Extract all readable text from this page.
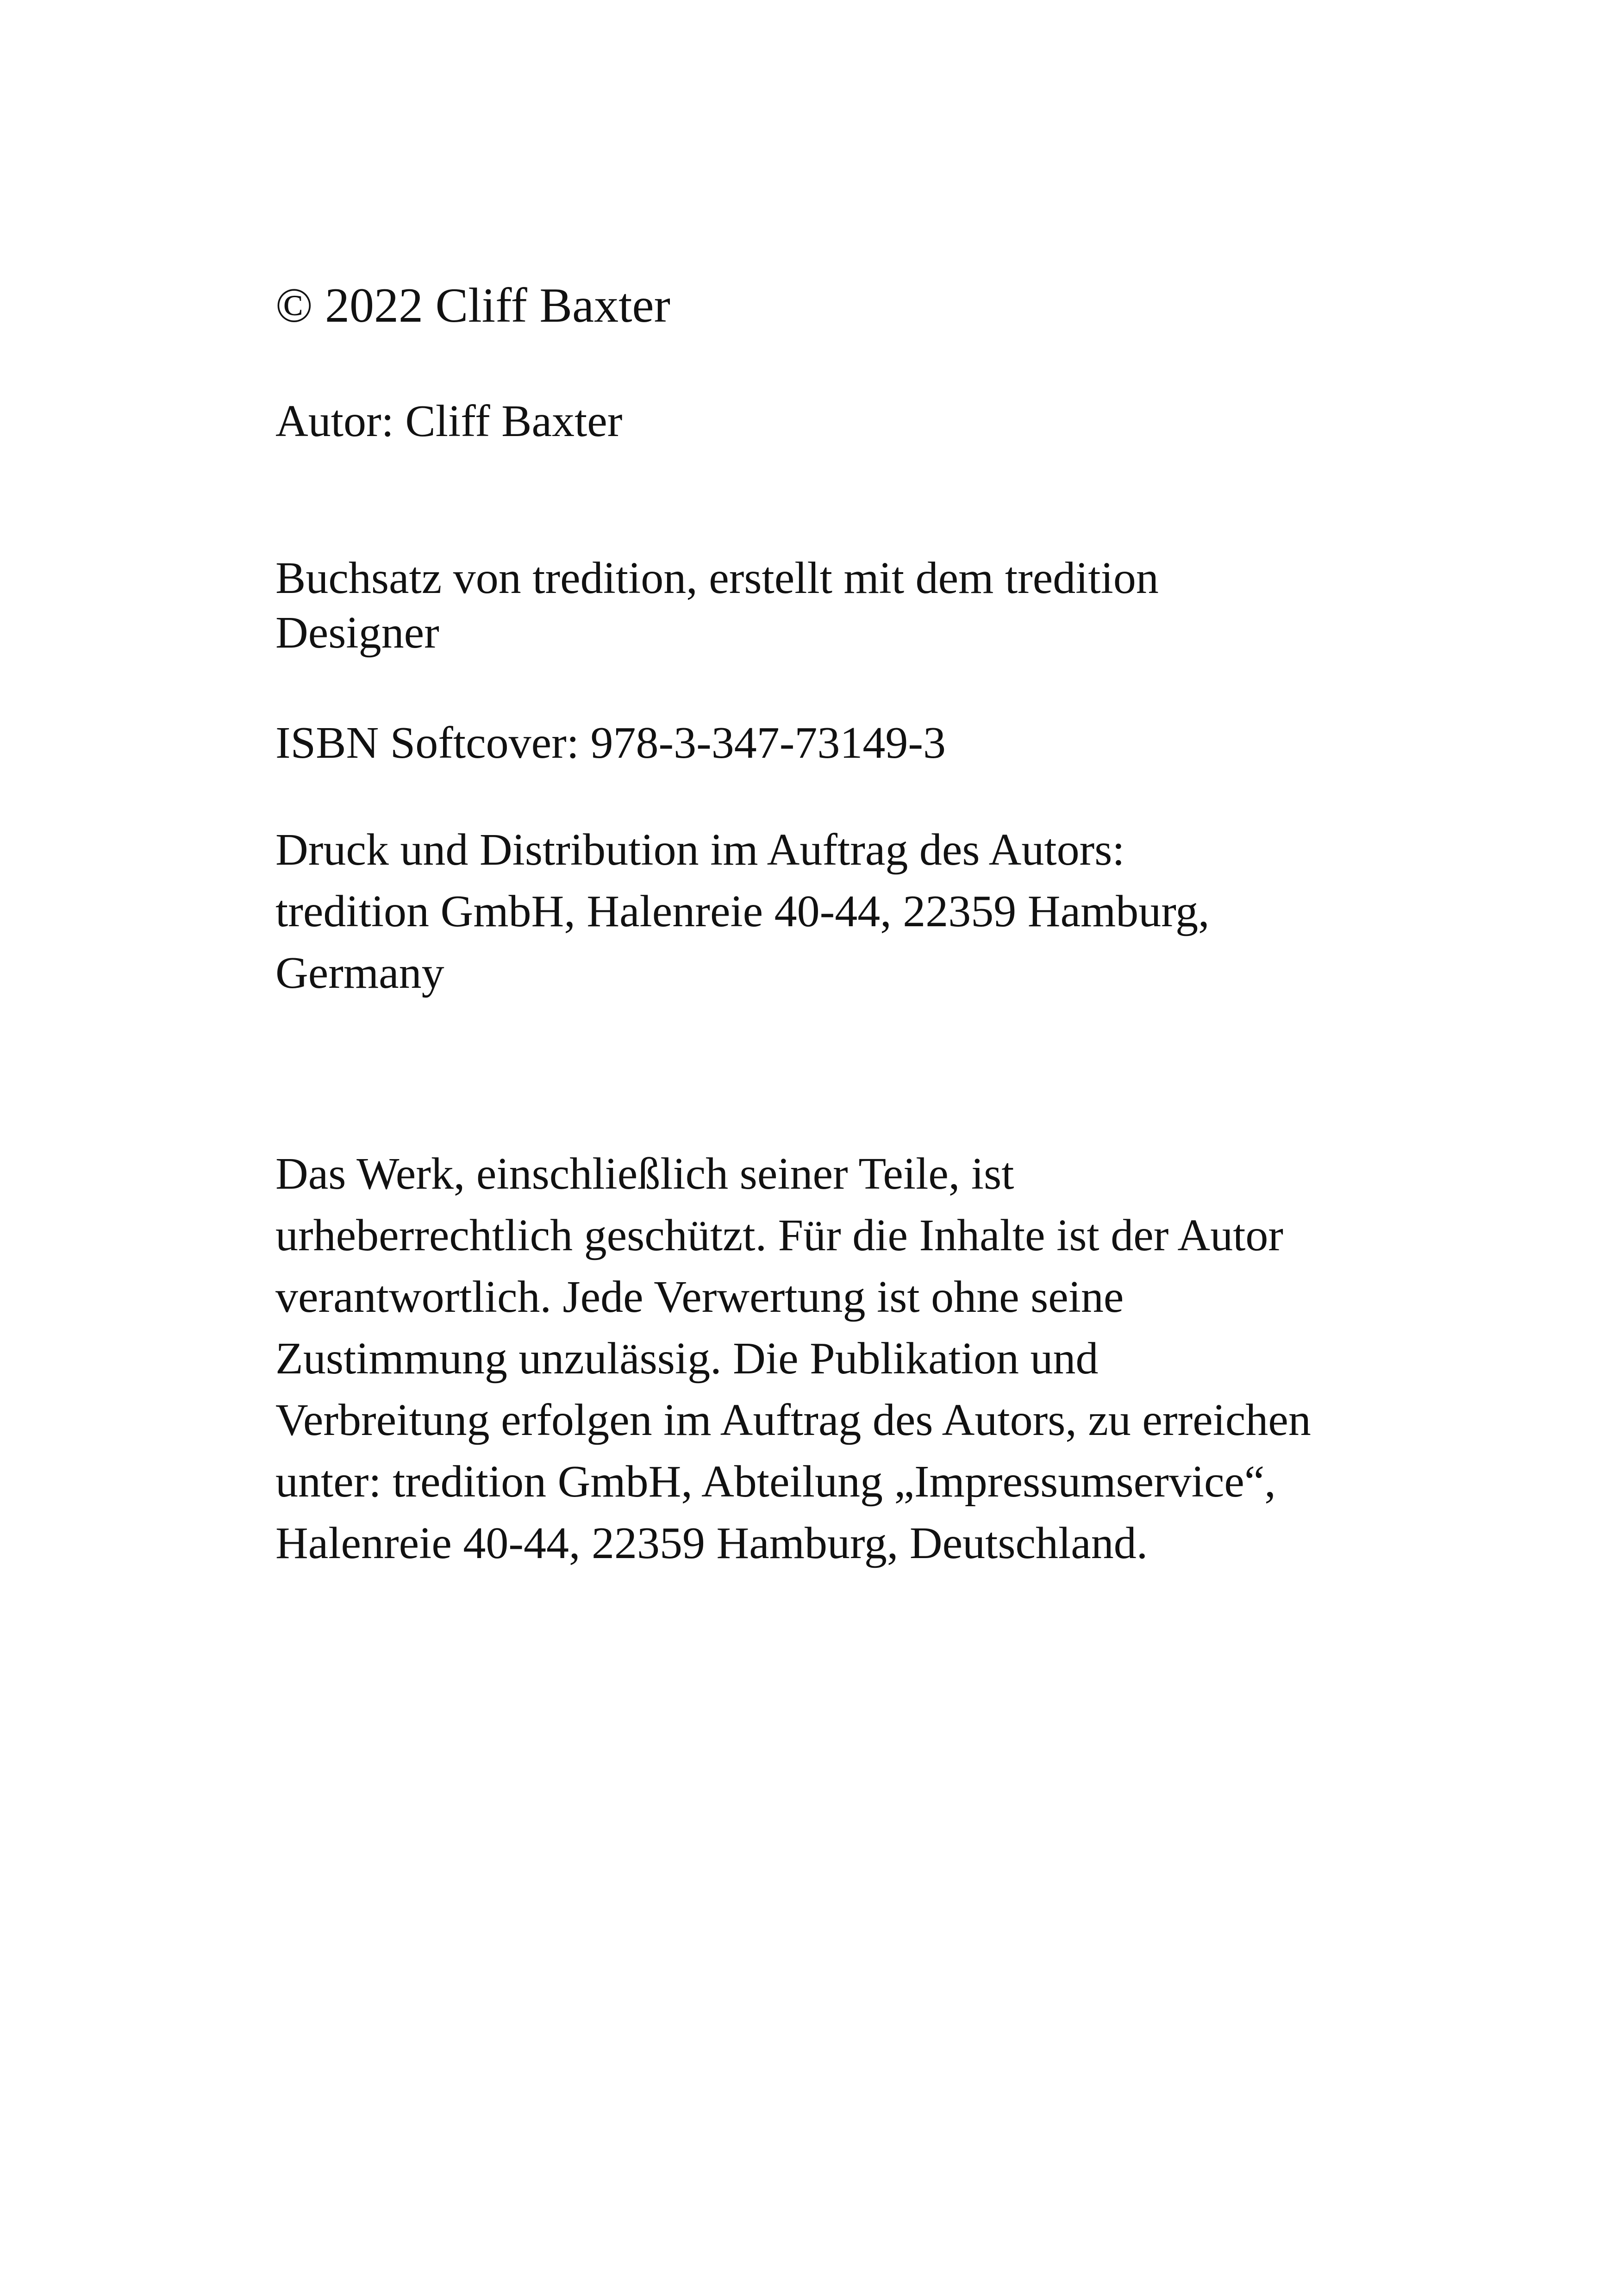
© 2022 Cliff Baxter

Autor: Cliff Baxter

Buchsatz von tredition, erstellt mit dem tredition
Designer

ISBN Softcover: 978-3-347-73149-3

Druck und Distribution im Auftrag des Autors:
tredition GmbH, Halenreie 40-44, 22359 Hamburg,
Germany

Das Werk, einschließlich seiner Teile, ist
urheberrechtlich geschützt. Für die Inhalte ist der Autor
verantwortlich. Jede Verwertung ist ohne seine
Zustimmung unzulässig. Die Publikation und
Verbreitung erfolgen im Auftrag des Autors, zu erreichen
unter: tredition GmbH, Abteilung „Impressumservice“,
Halenreie 40-44, 22359 Hamburg, Deutschland.
